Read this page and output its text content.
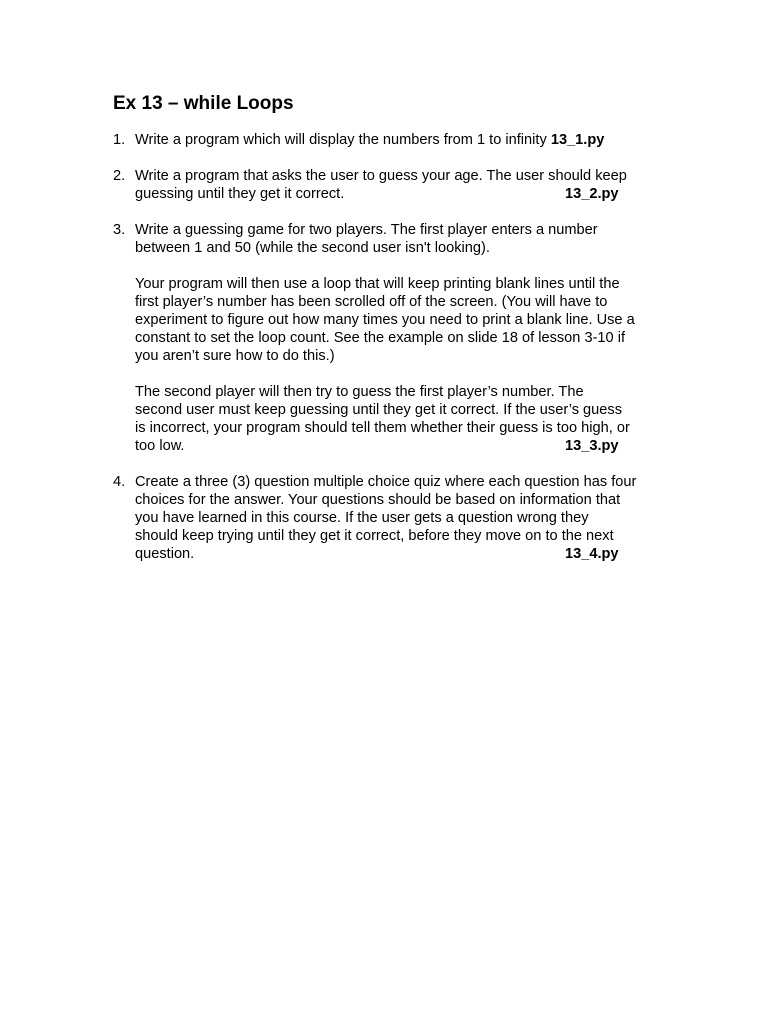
Ex 13 – while Loops
1. Write a program which will display the numbers from 1 to infinity 13_1.py

2. Write a program that asks the user to guess your age. The user should keep
guessing until they get it correct.	13_2.py

3. Write a guessing game for two players. The first player enters a number
between 1 and 50 (while the second user isn't looking).

Your program will then use a loop that will keep printing blank lines until the
first player’s number has been scrolled off of the screen. (You will have to
experiment to figure out how many times you need to print a blank line. Use a
constant to set the loop count. See the example on slide 18 of lesson 3-10 if
you aren’t sure how to do this.)

The second player will then try to guess the first player’s number. The
second user must keep guessing until they get it correct. If the user’s guess
is incorrect, your program should tell them whether their guess is too high, or
too low.	13_3.py

4. Create a three (3) question multiple choice quiz where each question has four
choices for the answer. Your questions should be based on information that
you have learned in this course. If the user gets a question wrong they
should keep trying until they get it correct, before they move on to the next
question.	13_4.py
